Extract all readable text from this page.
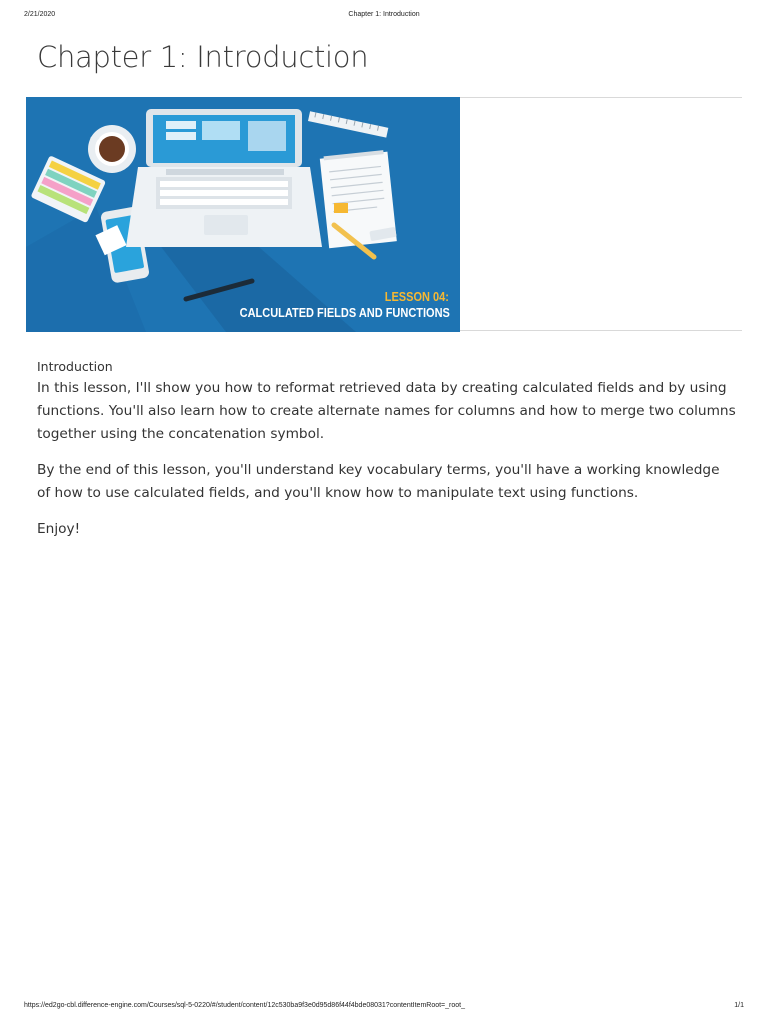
2/21/2020	Chapter 1: Introduction
Chapter 1: Introduction
LESSON 04:
CALCULATED FIELDS AND FUNCTIONS
Introduction

In this lesson, I'll show you how to reformat retrieved data by creating calculated fields and by using functions. You'll also learn how to create alternate names for columns and how to merge two columns together using the concatenation symbol.

By the end of this lesson, you'll understand key vocabulary terms, you'll have a working knowledge of how to use calculated fields, and you'll know how to manipulate text using functions.

Enjoy!

https://ed2go-cbl.difference-engine.com/Courses/sql-5-0220/#/student/content/12c530ba9f3e0d95d86f44f4bde08031?contentItemRoot=_root_	1/1
